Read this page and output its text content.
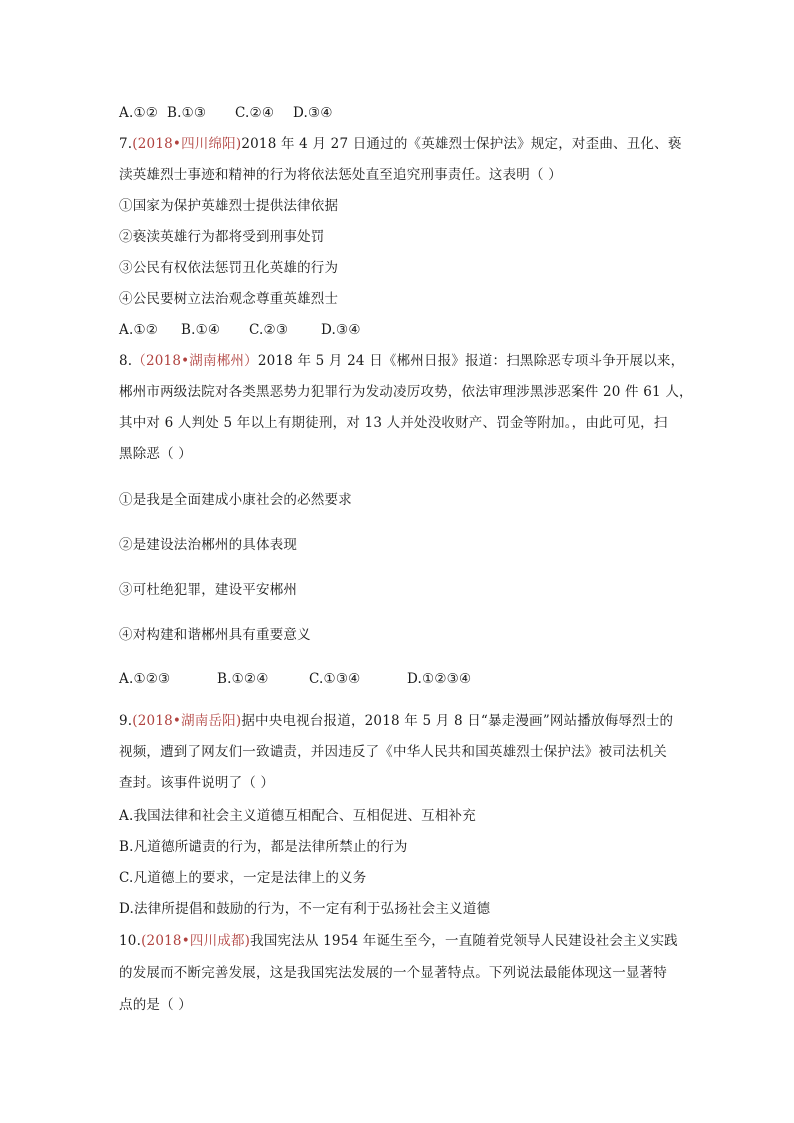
A.①② B.①③ C.②④ D.③④
7.(2018•四川绵阳)2018 年 4 月 27 日通过的《英雄烈士保护法》规定，对歪曲、丑化、亵
渎英雄烈士事迹和精神的行为将依法惩处直至追究刑事责任。这表明（ ）
①国家为保护英雄烈士提供法律依据
②亵渎英雄行为都将受到刑事处罚
③公民有权依法惩罚丑化英雄的行为
④公民要树立法治观念尊重英雄烈士
A.①② B.①④ C.②③ D.③④
8.（2018•湖南郴州）2018 年 5 月 24 日《郴州日报》报道：扫黑除恶专项斗争开展以来，
郴州市两级法院对各类黑恶势力犯罪行为发动凌厉攻势，依法审理涉黑涉恶案件 20 件 61 人，
其中对 6 人判处 5 年以上有期徒刑，对 13 人并处没收财产、罚金等附加。，由此可见，扫
黑除恶（ ）
①是我是全面建成小康社会的必然要求
②是建设法治郴州的具体表现
③可杜绝犯罪，建设平安郴州
④对构建和谐郴州具有重要意义
A.①②③	B.①②④	C.①③④	D.①②③④
9.(2018•湖南岳阳)据中央电视台报道，2018 年 5 月 8 日“暴走漫画”网站播放侮辱烈士的
视频，遭到了网友们一致谴责，并因违反了《中华人民共和国英雄烈士保护法》被司法机关
查封。该事件说明了（ ）
A.我国法律和社会主义道德互相配合、互相促进、互相补充
B.凡道德所谴责的行为，都是法律所禁止的行为
C.凡道德上的要求，一定是法律上的义务
D.法律所提倡和鼓励的行为，不一定有利于弘扬社会主义道德
10.(2018•四川成都)我国宪法从 1954 年诞生至今，一直随着党领导人民建设社会主义实践
的发展而不断完善发展，这是我国宪法发展的一个显著特点。下列说法最能体现这一显著特
点的是（ ）
